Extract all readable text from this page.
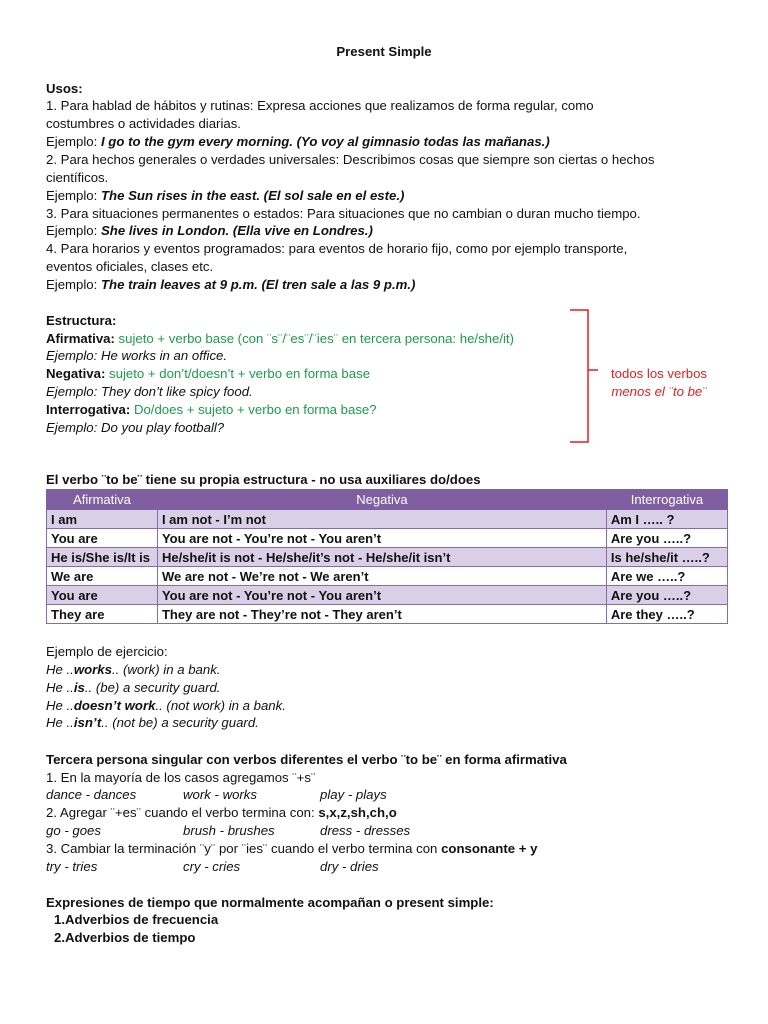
Present Simple
Usos:
1. Para hablad de hábitos y rutinas: Expresa acciones que realizamos de forma regular, como
costumbres o actividades diarias.
Ejemplo: I go to the gym every morning. (Yo voy al gimnasio todas las mañanas.)
2. Para hechos generales o verdades universales: Describimos cosas que siempre son ciertas o hechos
científicos.
Ejemplo: The Sun rises in the east. (El sol sale en el este.)
3. Para situaciones permanentes o estados: Para situaciones que no cambian o duran mucho tiempo.
Ejemplo: She lives in London. (Ella vive en Londres.)
4. Para horarios y eventos programados: para eventos de horario fijo, como por ejemplo transporte,
eventos oficiales, clases etc.
Ejemplo: The train leaves at 9 p.m. (El tren sale a las 9 p.m.)
Estructura:
Afirmativa: sujeto + verbo base (con ¨s¨/¨es¨/¨ies¨ en tercera persona: he/she/it)
Ejemplo: He works in an office.
Negativa: sujeto + don’t/doesn’t + verbo en forma base
Ejemplo: They don’t like spicy food.
Interrogativa: Do/does + sujeto + verbo en forma base?
Ejemplo: Do you play football?
todos los verbos
menos el ¨to be¨
El verbo ¨to be¨ tiene su propia estructura - no usa auxiliares do/does
Afirmativa	Negativa	Interrogativa
I am	I am not - I’m not	Am I ….. ?
You are	You are not - You’re not - You aren’t	Are you …..?
He is/She is/It is	He/she/it is not - He/she/it’s not - He/she/it isn’t	Is he/she/it …..?
We are	We are not - We’re not - We aren’t	Are we …..?
You are	You are not - You’re not - You aren’t	Are you …..?
They are	They are not - They’re not - They aren’t	Are they …..?
Ejemplo de ejercicio:
He ..works.. (work) in a bank.
He ..is.. (be) a security guard.
He ..doesn’t work.. (not work) in a bank.
He ..isn’t.. (not be) a security guard.
Tercera persona singular con verbos diferentes el verbo ¨to be¨ en forma afirmativa
1. En la mayoría de los casos agregamos ¨+s¨
dance - dances	work - works	play - plays
2. Agregar ¨+es¨ cuando el verbo termina con: s,x,z,sh,ch,o
go - goes	brush - brushes	dress - dresses
3. Cambiar la terminación ¨y¨ por ¨ies¨ cuando el verbo termina con consonante + y
try - tries	cry - cries	dry - dries
Expresiones de tiempo que normalmente acompañan o present simple:
1.Adverbios de frecuencia
2.Adverbios de tiempo
